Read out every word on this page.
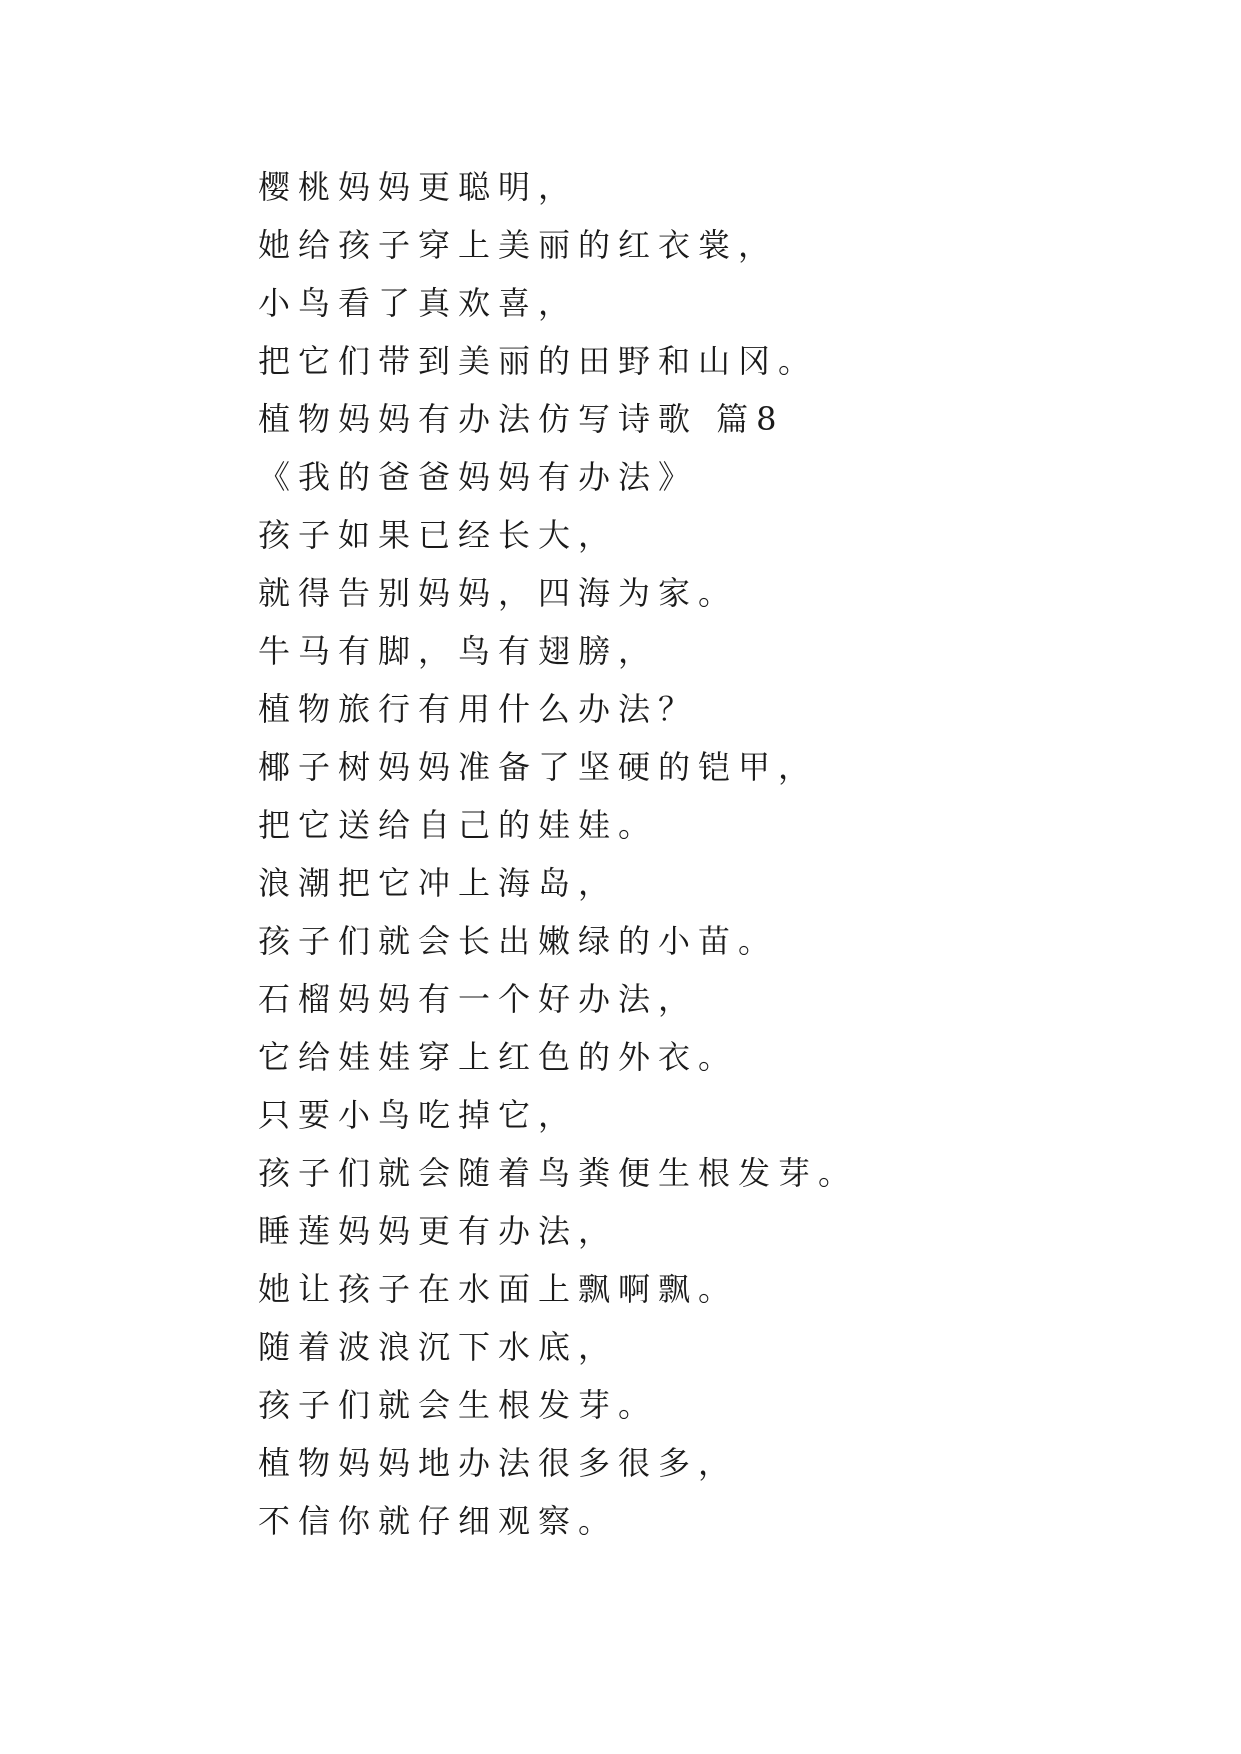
樱桃妈妈更聪明，
她给孩子穿上美丽的红衣裳，
小鸟看了真欢喜，
把它们带到美丽的田野和山冈。
植物妈妈有办法仿写诗歌 篇8
《我的爸爸妈妈有办法》
孩子如果已经长大，
就得告别妈妈，四海为家。
牛马有脚，鸟有翅膀，
植物旅行有用什么办法？
椰子树妈妈准备了坚硬的铠甲，
把它送给自己的娃娃。
浪潮把它冲上海岛，
孩子们就会长出嫩绿的小苗。
石榴妈妈有一个好办法，
它给娃娃穿上红色的外衣。
只要小鸟吃掉它，
孩子们就会随着鸟粪便生根发芽。
睡莲妈妈更有办法，
她让孩子在水面上飘啊飘。
随着波浪沉下水底，
孩子们就会生根发芽。
植物妈妈地办法很多很多，
不信你就仔细观察。
